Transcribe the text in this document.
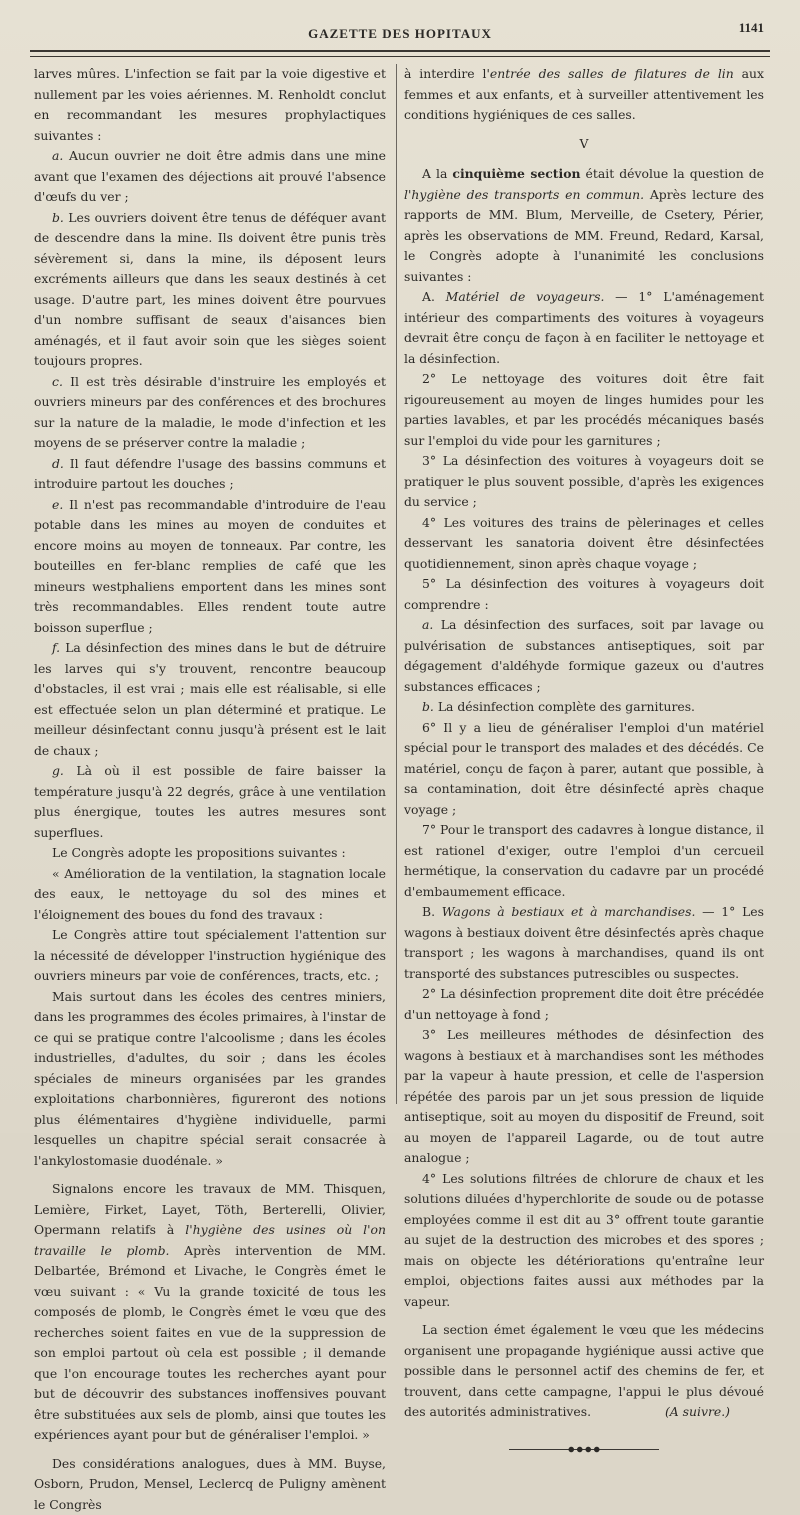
GAZETTE DES HOPITAUX	1141

larves mûres. L'infection se fait par la voie digestive et nullement par les voies aériennes. M. Renholdt conclut en recommandant les mesures prophylactiques suivantes :

a. Aucun ouvrier ne doit être admis dans une mine avant que l'examen des déjections ait prouvé l'absence d'œufs du ver ;

b. Les ouvriers doivent être tenus de déféquer avant de descendre dans la mine. Ils doivent être punis très sévèrement si, dans la mine, ils déposent leurs excréments ailleurs que dans les seaux destinés à cet usage. D'autre part, les mines doivent être pourvues d'un nombre suffisant de seaux d'aisances bien aménagés, et il faut avoir soin que les sièges soient toujours propres.

c. Il est très désirable d'instruire les employés et ouvriers mineurs par des conférences et des brochures sur la nature de la maladie, le mode d'infection et les moyens de se préserver contre la maladie ;

d. Il faut défendre l'usage des bassins communs et introduire partout les douches ;

e. Il n'est pas recommandable d'introduire de l'eau potable dans les mines au moyen de conduites et encore moins au moyen de tonneaux. Par contre, les bouteilles en fer-blanc remplies de café que les mineurs westphaliens emportent dans les mines sont très recommandables. Elles rendent toute autre boisson superflue ;

f. La désinfection des mines dans le but de détruire les larves qui s'y trouvent, rencontre beaucoup d'obstacles, il est vrai ; mais elle est réalisable, si elle est effectuée selon un plan déterminé et pratique. Le meilleur désinfectant connu jusqu'à présent est le lait de chaux ;

g. Là où il est possible de faire baisser la température jusqu'à 22 degrés, grâce à une ventilation plus énergique, toutes les autres mesures sont superflues.

Le Congrès adopte les propositions suivantes :

« Amélioration de la ventilation, la stagnation locale des eaux, le nettoyage du sol des mines et l'éloignement des boues du fond des travaux :

Le Congrès attire tout spécialement l'attention sur la nécessité de développer l'instruction hygiénique des ouvriers mineurs par voie de conférences, tracts, etc. ;

Mais surtout dans les écoles des centres miniers, dans les programmes des écoles primaires, à l'instar de ce qui se pratique contre l'alcoolisme ; dans les écoles industrielles, d'adultes, du soir ; dans les écoles spéciales de mineurs organisées par les grandes exploitations charbonnières, figureront des notions plus élémentaires d'hygiène individuelle, parmi lesquelles un chapitre spécial serait consacrée à l'ankylostomasie duodénale. »

Signalons encore les travaux de MM. Thisquen, Lemière, Firket, Layet, Töth, Berterelli, Olivier, Opermann relatifs à l'hygiène des usines où l'on travaille le plomb. Après intervention de MM. Delbartée, Brémond et Livache, le Congrès émet le vœu suivant : « Vu la grande toxicité de tous les composés de plomb, le Congrès émet le vœu que des recherches soient faites en vue de la suppression de son emploi partout où cela est possible ; il demande que l'on encourage toutes les recherches ayant pour but de découvrir des substances inoffensives pouvant être substituées aux sels de plomb, ainsi que toutes les expériences ayant pour but de généraliser l'emploi. »

Des considérations analogues, dues à MM. Buyse, Osborn, Prudon, Mensel, Leclercq de Puligny amènent le Congrès

à interdire l'entrée des salles de filatures de lin aux femmes et aux enfants, et à surveiller attentivement les conditions hygiéniques de ces salles.

V

A la cinquième section était dévolue la question de l'hygiène des transports en commun. Après lecture des rapports de MM. Blum, Merveille, de Csetery, Périer, après les observations de MM. Freund, Redard, Karsal, le Congrès adopte à l'unanimité les conclusions suivantes :

A. Matériel de voyageurs. — 1° L'aménagement intérieur des compartiments des voitures à voyageurs devrait être conçu de façon à en faciliter le nettoyage et la désinfection.

2° Le nettoyage des voitures doit être fait rigoureusement au moyen de linges humides pour les parties lavables, et par les procédés mécaniques basés sur l'emploi du vide pour les garnitures ;

3° La désinfection des voitures à voyageurs doit se pratiquer le plus souvent possible, d'après les exigences du service ;

4° Les voitures des trains de pèlerinages et celles desservant les sanatoria doivent être désinfectées quotidiennement, sinon après chaque voyage ;

5° La désinfection des voitures à voyageurs doit comprendre :

a. La désinfection des surfaces, soit par lavage ou pulvérisation de substances antiseptiques, soit par dégagement d'aldéhyde formique gazeux ou d'autres substances efficaces ;

b. La désinfection complète des garnitures.

6° Il y a lieu de généraliser l'emploi d'un matériel spécial pour le transport des malades et des décédés. Ce matériel, conçu de façon à parer, autant que possible, à sa contamination, doit être désinfecté après chaque voyage ;

7° Pour le transport des cadavres à longue distance, il est rationel d'exiger, outre l'emploi d'un cercueil hermétique, la conservation du cadavre par un procédé d'embaumement efficace.

B. Wagons à bestiaux et à marchandises. — 1° Les wagons à bestiaux doivent être désinfectés après chaque transport ; les wagons à marchandises, quand ils ont transporté des substances putrescibles ou suspectes.

2° La désinfection proprement dite doit être précédée d'un nettoyage à fond ;

3° Les meilleures méthodes de désinfection des wagons à bestiaux et à marchandises sont les méthodes par la vapeur à haute pression, et celle de l'aspersion répétée des parois par un jet sous pression de liquide antiseptique, soit au moyen du dispositif de Freund, soit au moyen de l'appareil Lagarde, ou de tout autre analogue ;

4° Les solutions filtrées de chlorure de chaux et les solutions diluées d'hyperchlorite de soude ou de potasse employées comme il est dit au 3° offrent toute garantie au sujet de la destruction des microbes et des spores ; mais on objecte les détériorations qu'entraîne leur emploi, objections faites aussi aux méthodes par la vapeur.

La section émet également le vœu que les médecins organisent une propagande hygiénique aussi active que possible dans le personnel actif des chemins de fer, et trouvent, dans cette campagne, l'appui le plus dévoué des autorités administratives.	(A suivre.)
